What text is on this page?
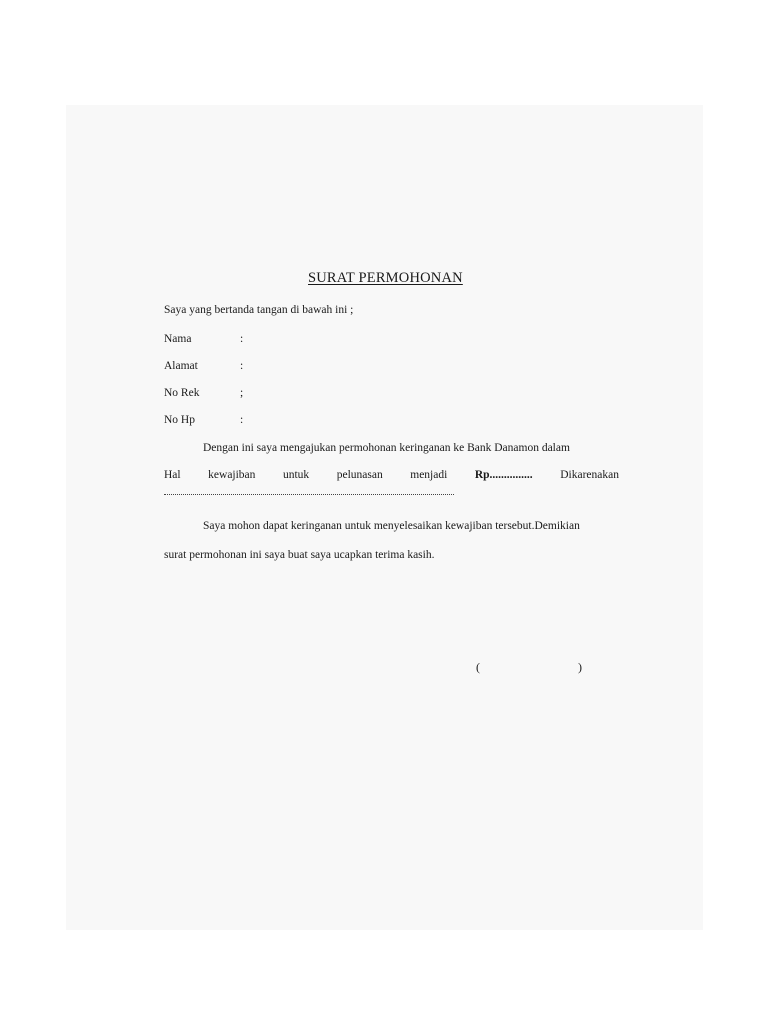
SURAT PERMOHONAN
Saya yang bertanda tangan di bawah ini ;
Nama	:
Alamat	:
No Rek	;
No Hp	:
Dengan ini saya mengajukan permohonan keringanan ke Bank Danamon dalam
Hal kewajiban untuk pelunasan menjadi Rp............... Dikarenakan
Saya mohon dapat keringanan untuk menyelesaikan kewajiban tersebut.Demikian
surat permohonan ini saya buat saya ucapkan terima kasih.
(	)
